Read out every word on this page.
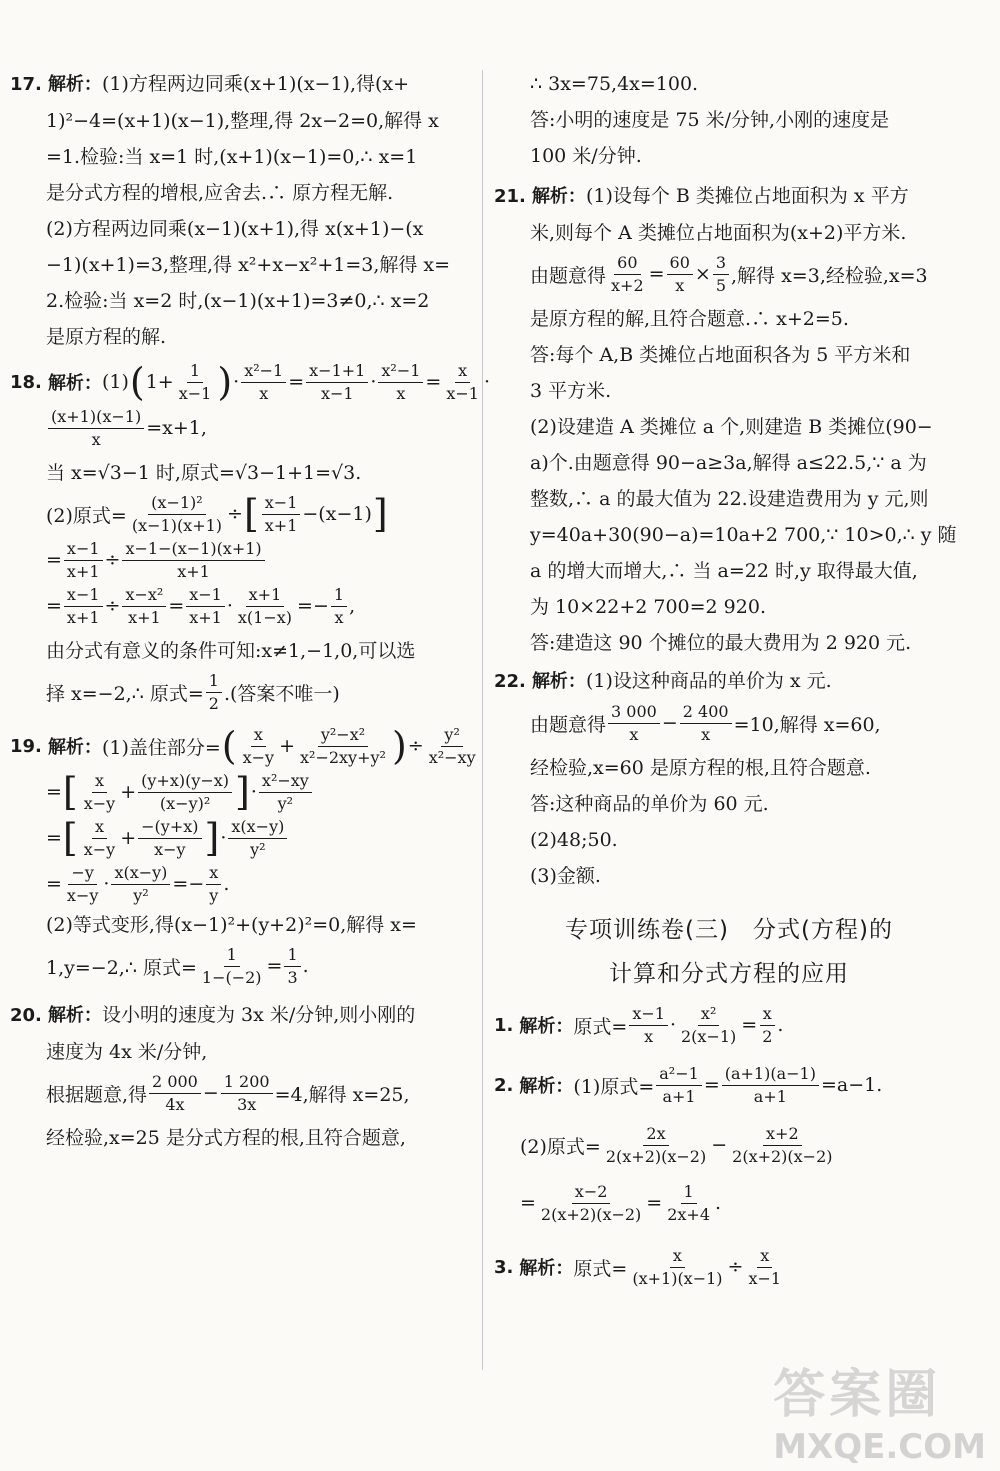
17. 解析：(1)方程两边同乘(x+1)(x−1),得(x+

1)²−4=(x+1)(x−1),整理,得 2x−2=0,解得 x

=1.检验:当 x=1 时,(x+1)(x−1)=0,∴ x=1

是分式方程的增根,应舍去.∴ 原方程无解.

(2)方程两边同乘(x−1)(x+1),得 x(x+1)−(x

−1)(x+1)=3,整理,得 x²+x−x²+1=3,解得 x=

2.检验:当 x=2 时,(x−1)(x+1)=3≠0,∴ x=2

是原方程的解.

18.
解析： (1) ( $1+ \frac{1}{x-1}$ ) · $\frac{\text{x²−1}}{x} = \frac{x-1+1}{x-1} \cdot \frac{\text{x²−1}}{x} = \frac{x}{x-1}$ ·
$\frac{(x+1)(x-1)}{x} =x+1$,

当 x=√3−1 时,原式=√3−1+1=√3.

(2)原式= $\frac{\text{(x−1)²}}{(x-1)(x+1)}$ ÷ [ $\frac{x-1}{x+1} -(x-1)$ ]
= $\frac{x-1}{x+1} \div \frac{x-1-(x-1)(x+1)}{x+1}$
= $\frac{x-1}{x+1} \div \frac{\text{x−x²}}{x+1} = \frac{x-1}{x+1} \cdot \frac{x+1}{x(1-x)}$ = − $\frac{1}{x}$ ,

由分式有意义的条件可知:x≠1,−1,0,可以选

择 x=−2,∴ 原式= $\frac{1}{2}$ .(答案不唯一)
19.
解析： (1)盖住部分= ( $\frac{x}{x-y} + \frac{\text{y²−x²}}{\text{x²−2xy+y²}}$ ) ÷ $\frac{\text{y²}}{\text{x²−xy}}$
= [ $\frac{x}{x-y} + \frac{(y+x)(y-x)}{\text{(x−y)²}}$ ] · $\frac{\text{x²−xy}}{\text{y²}}$
= [ $\frac{x}{x-y} + \frac{-(y+x)}{x-y}$ ] · $\frac{x(x-y)}{\text{y²}}$
= $\frac{-y}{x-y} \cdot \frac{x(x-y)}{\text{y²}}$ = − $\frac{x}{y}$ .

(2)等式变形,得(x−1)²+(y+2)²=0,解得 x=

1,y=−2,∴ 原式= $\frac{1}{1-(-2)} = \frac{1}{3}$ .

20. 解析：设小明的速度为 3x 米/分钟,则小刚的

速度为 4x 米/分钟,

根据题意,得 $\frac{2 000}{4x} - \frac{1 200}{3x} =4$,解得 x=25,

经检验,x=25 是分式方程的根,且符合题意,

∴ 3x=75,4x=100.

答:小明的速度是 75 米/分钟,小刚的速度是

100 米/分钟.

21. 解析：(1)设每个 B 类摊位占地面积为 x 平方

米,则每个 A 类摊位占地面积为(x+2)平方米.

由题意得 $\frac{60}{x+2} = \frac{60}{x} \times \frac{3}{5}$ ,解得 x=3,经检验,x=3

是原方程的解,且符合题意.∴ x+2=5.

答:每个 A,B 类摊位占地面积各为 5 平方米和

3 平方米.

(2)设建造 A 类摊位 a 个,则建造 B 类摊位(90−

a)个.由题意得 90−a≥3a,解得 a≤22.5,∵ a 为

整数,∴ a 的最大值为 22.设建造费用为 y 元,则

y=40a+30(90−a)=10a+2 700,∵ 10>0,∴ y 随

a 的增大而增大,∴ 当 a=22 时,y 取得最大值,

为 10×22+2 700=2 920.

答:建造这 90 个摊位的最大费用为 2 920 元.

22. 解析：(1)设这种商品的单价为 x 元.

由题意得 $\frac{3 000}{x} - \frac{2 400}{x} =10$,解得 x=60,

经检验,x=60 是原方程的根,且符合题意.

答:这种商品的单价为 60 元.

(2)48;50.

(3)金额.

专项训练卷(三)　分式(方程)的
计算和分式方程的应用
1.
解析： 原式= $\frac{x-1}{x} \cdot \frac{\text{x²}}{2(x-1)} = \frac{x}{2}$ .
2.
解析： (1)原式= $\frac{\text{a²−1}}{a+1} = \frac{(a+1)(a-1)}{a+1} =a-1$.
(2)原式= $\frac{2x}{2(x+2)(x-2)} - \frac{x+2}{2(x+2)(x-2)}$
= $\frac{x-2}{2(x+2)(x-2)} = \frac{1}{2x+4}$ .
3.
解析： 原式= $\frac{x}{(x+1)(x-1)} \div \frac{x}{x-1}$
答案圈
MXQE.COM
